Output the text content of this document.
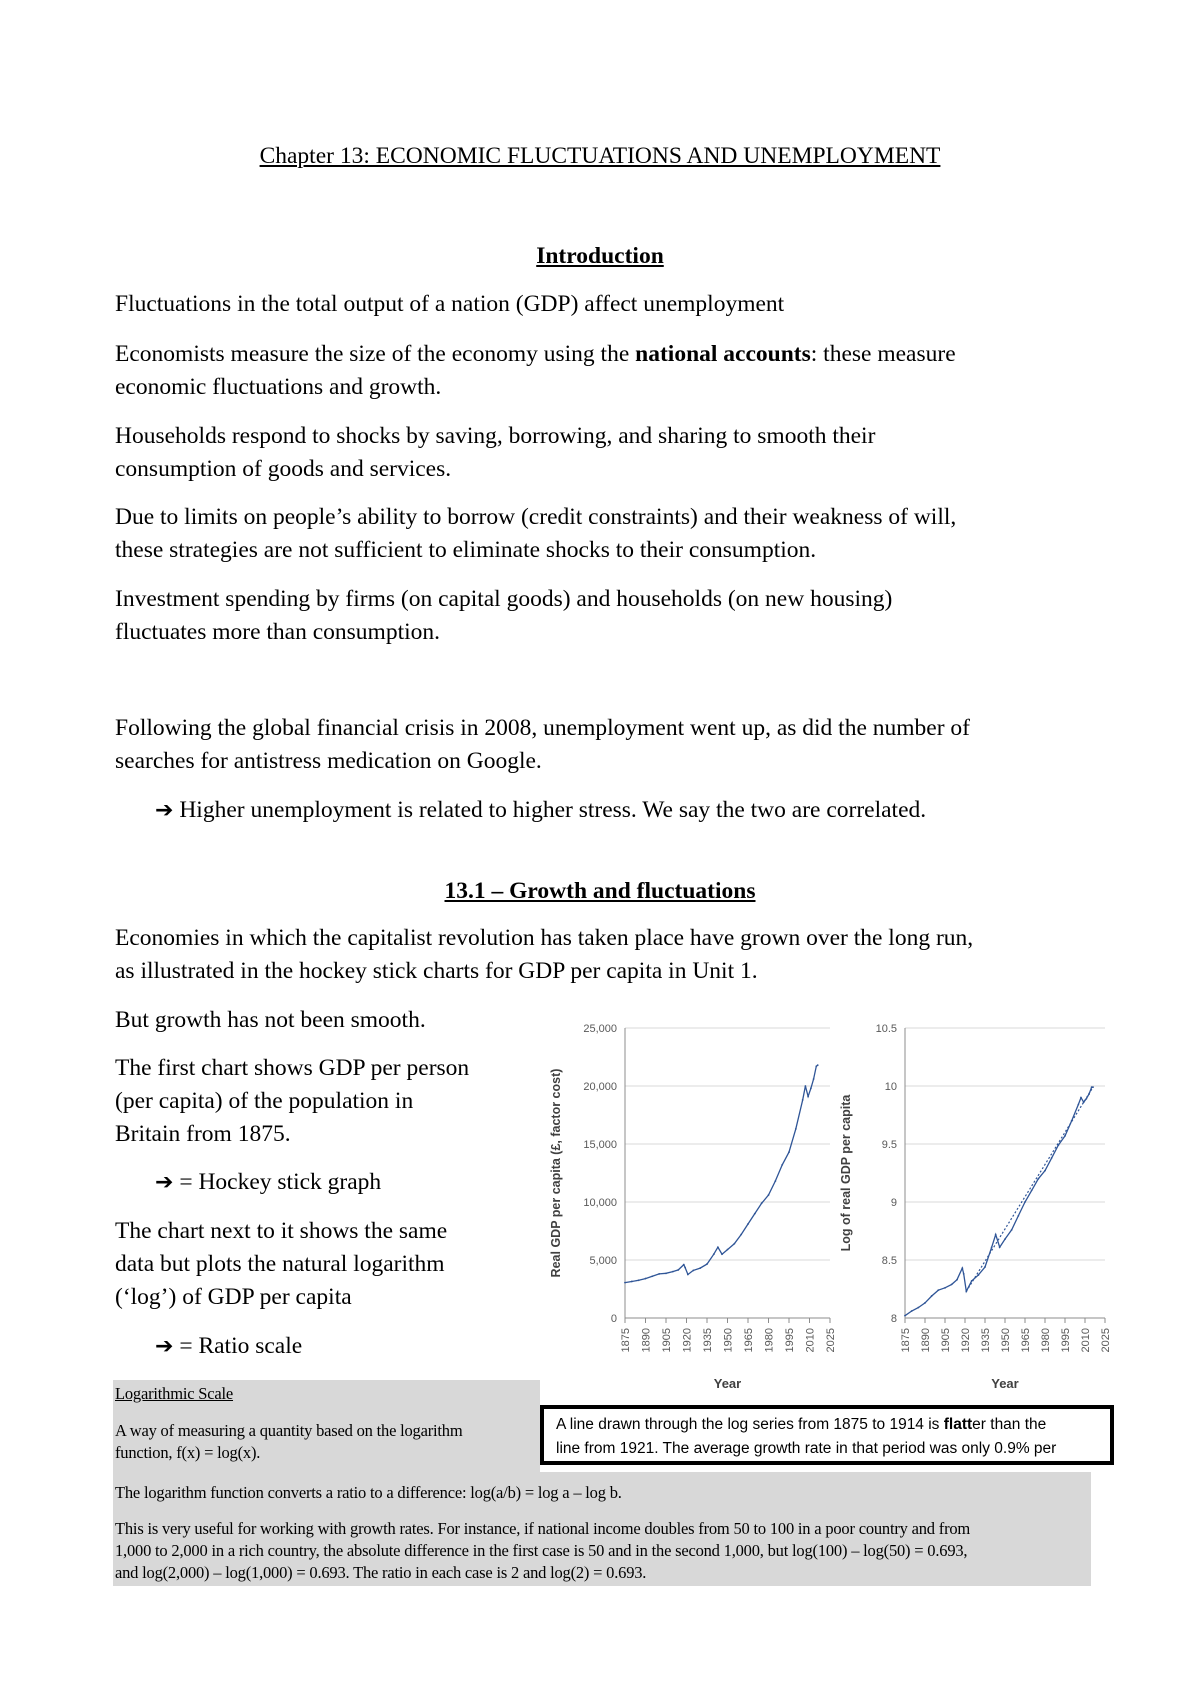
Chapter 13: ECONOMIC FLUCTUATIONS AND UNEMPLOYMENT
Introduction
Fluctuations in the total output of a nation (GDP) affect unemployment
Economists measure the size of the economy using the national accounts: these measure
economic fluctuations and growth.
Households respond to shocks by saving, borrowing, and sharing to smooth their
consumption of goods and services.
Due to limits on people’s ability to borrow (credit constraints) and their weakness of will,
these strategies are not sufficient to eliminate shocks to their consumption.
Investment spending by firms (on capital goods) and households (on new housing)
fluctuates more than consumption.
Following the global financial crisis in 2008, unemployment went up, as did the number of
searches for antistress medication on Google.
➔ Higher unemployment is related to higher stress. We say the two are correlated.
13.1 – Growth and fluctuations
Economies in which the capitalist revolution has taken place have grown over the long run,
as illustrated in the hockey stick charts for GDP per capita in Unit 1.
But growth has not been smooth.
The first chart shows GDP per person
(per capita) of the population in
Britain from 1875.
➔ = Hockey stick graph
The chart next to it shows the same
data but plots the natural logarithm
(‘log’) of GDP per capita
➔ = Ratio scale
Logarithmic Scale
A way of measuring a quantity based on the logarithm
function, f(x) = log(x).
The logarithm function converts a ratio to a difference: log(a/b) = log a – log b.
This is very useful for working with growth rates. For instance, if national income doubles from 50 to 100 in a poor country and from
1,000 to 2,000 in a rich country, the absolute difference in the first case is 50 and in the second 1,000, but log(100) – log(50) = 0.693,
and log(2,000) – log(1,000) = 0.693. The ratio in each case is 2 and log(2) = 0.693.
0
5,000
10,000
15,000
20,000
25,000
1875 1890 1905 1920 1935 1950 1965 1980 1995 2010 2025
Year
Real GDP per capita (£, factor cost)
8
8.5
9
9.5
10
10.5
1875 1890 1905 1920 1935 1950 1965 1980 1995 2010 2025
Year
Log of real GDP per capita
A line drawn through the log series from 1875 to 1914 is flatter than the
line from 1921. The average growth rate in that period was only 0.9% per
